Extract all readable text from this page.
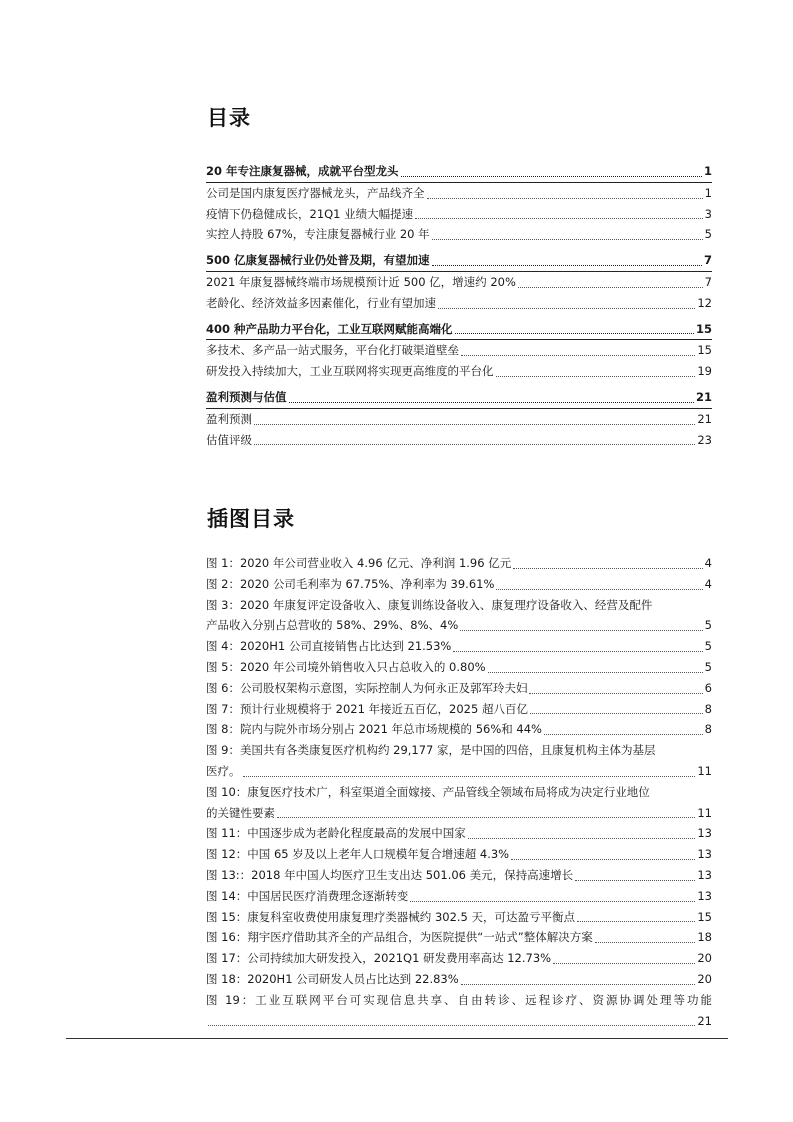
目录
20 年专注康复器械，成就平台型龙头	1
公司是国内康复医疗器械龙头，产品线齐全	1
疫情下仍稳健成长，21Q1 业绩大幅提速	3
实控人持股 67%，专注康复器械行业 20 年	5
500 亿康复器械行业仍处普及期，有望加速	7
2021 年康复器械终端市场规模预计近 500 亿，增速约 20%	7
老龄化、经济效益多因素催化，行业有望加速	12
400 种产品助力平台化，工业互联网赋能高端化	15
多技术、多产品一站式服务，平台化打破渠道壁垒	15
研发投入持续加大，工业互联网将实现更高维度的平台化	19
盈利预测与估值	21
盈利预测	21
估值评级	23
插图目录
图 1：2020 年公司营业收入 4.96 亿元、净利润 1.96 亿元	4
图 2：2020 公司毛利率为 67.75%、净利率为 39.61%	4
图 3：2020 年康复评定设备收入、康复训练设备收入、康复理疗设备收入、经营及配件
产品收入分别占总营收的 58%、29%、8%、4%	5
图 4：2020H1 公司直接销售占比达到 21.53%	5
图 5：2020 年公司境外销售收入只占总收入的 0.80%	5
图 6：公司股权架构示意图，实际控制人为何永正及郭军玲夫妇	6
图 7：预计行业规模将于 2021 年接近五百亿，2025 超八百亿	8
图 8：院内与院外市场分别占 2021 年总市场规模的 56%和 44%	8
图 9：美国共有各类康复医疗机构约 29,177 家，是中国的四倍，且康复机构主体为基层
医疗。	11
图 10：康复医疗技术广，科室渠道全面嫁接、产品管线全领域布局将成为决定行业地位
的关键性要素	11
图 11：中国逐步成为老龄化程度最高的发展中国家	13
图 12：中国 65 岁及以上老年人口规模年复合增速超 4.3%	13
图 13:：2018 年中国人均医疗卫生支出达 501.06 美元，保持高速增长	13
图 14：中国居民医疗消费理念逐渐转变	13
图 15：康复科室收费使用康复理疗类器械约 302.5 天，可达盈亏平衡点	15
图 16：翔宇医疗借助其齐全的产品组合，为医院提供“一站式”整体解决方案	18
图 17：公司持续加大研发投入，2021Q1 研发费用率高达 12.73%	20
图 18：2020H1 公司研发人员占比达到 22.83%	20
图 19：工业互联网平台可实现信息共享、自由转诊、远程诊疗、资源协调处理等功能
21
